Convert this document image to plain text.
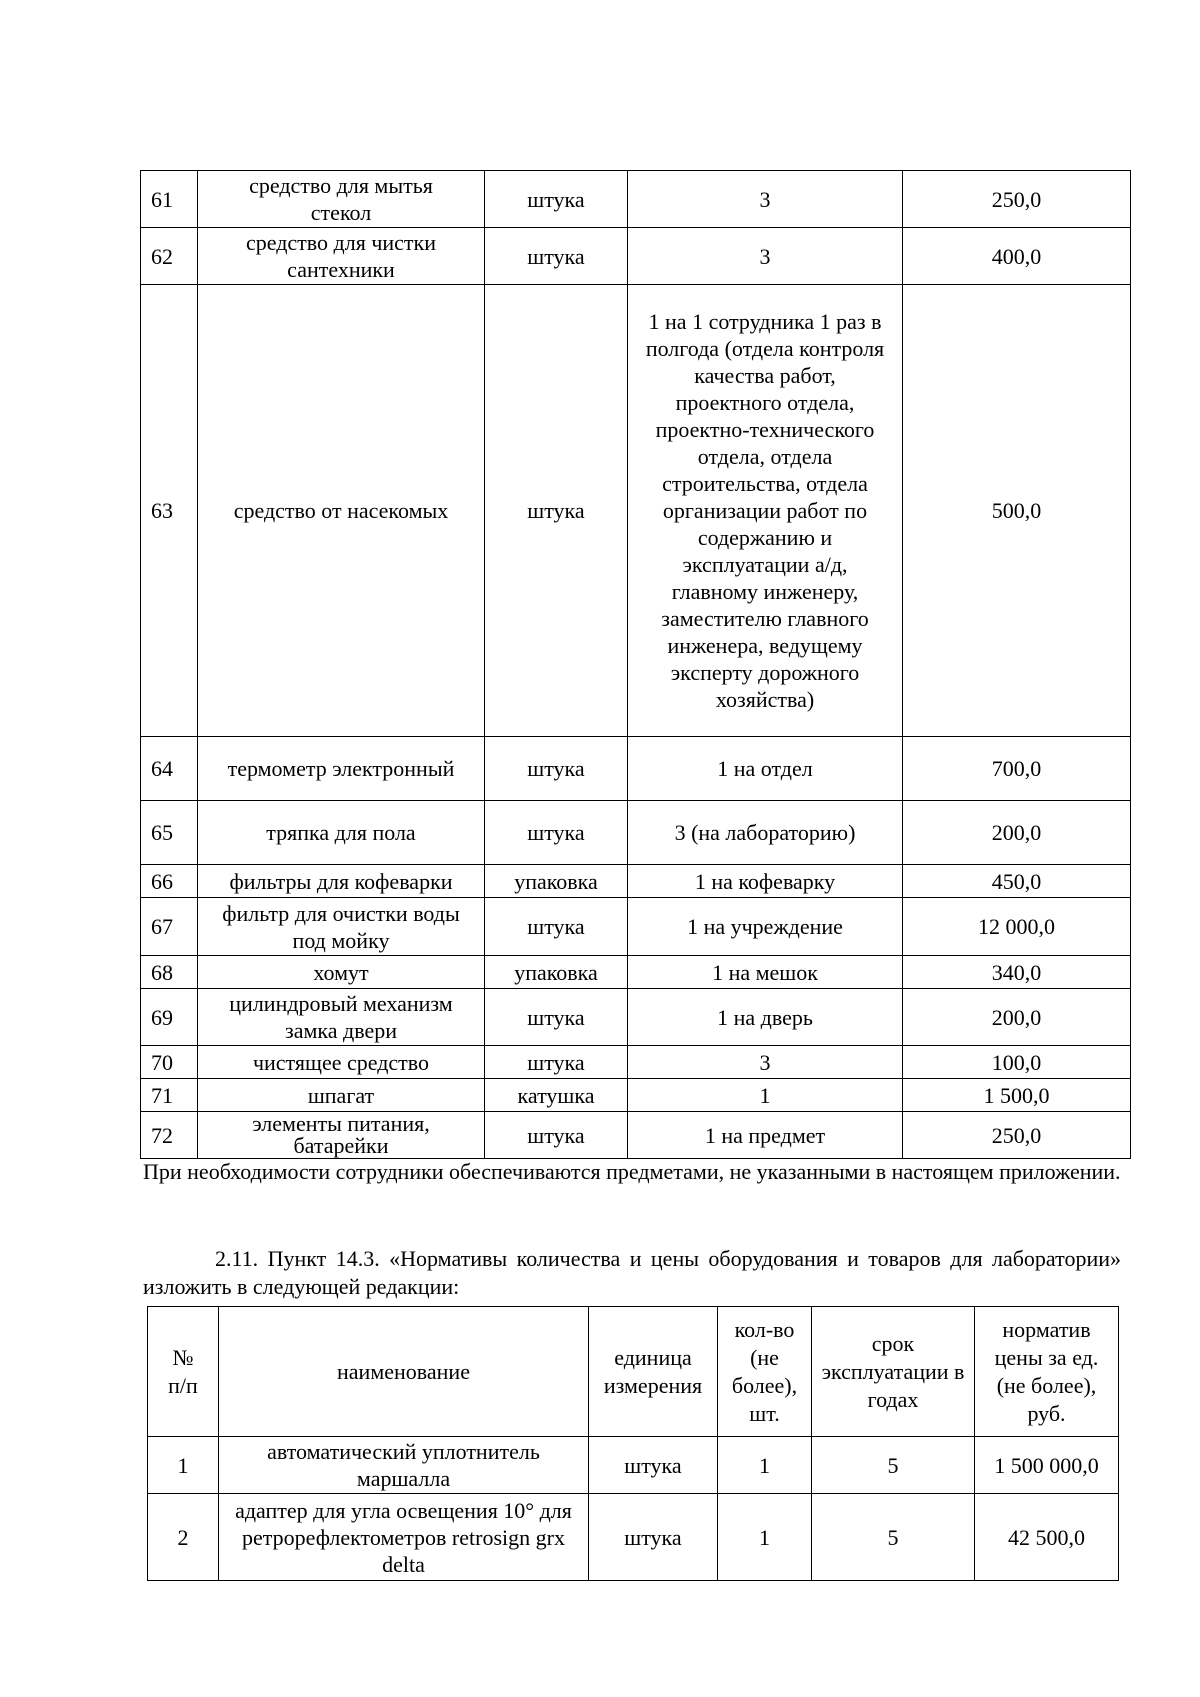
61	средство для мытья стекол	штука	3	250,0
62	средство для чистки сантехники	штука	3	400,0
63	средство от насекомых	штука	1 на 1 сотрудника 1 раз в полгода (отдела контроля качества работ, проектного отдела, проектно-технического отдела, отдела строительства, отдела организации работ по содержанию и эксплуатации а/д, главному инженеру, заместителю главного инженера, ведущему эксперту дорожного хозяйства)	500,0
64	термометр электронный	штука	1 на отдел	700,0
65	тряпка для пола	штука	3 (на лабораторию)	200,0
66	фильтры для кофеварки	упаковка	1 на кофеварку	450,0
67	фильтр для очистки воды под мойку	штука	1 на учреждение	12 000,0
68	хомут	упаковка	1 на мешок	340,0
69	цилиндровый механизм замка двери	штука	1 на дверь	200,0
70	чистящее средство	штука	3	100,0
71	шпагат	катушка	1	1 500,0
72	элементы питания, батарейки	штука	1 на предмет	250,0
При необходимости сотрудники обеспечиваются предметами, не указанными в настоящем приложении.
2.11. Пункт 14.3. «Нормативы количества и цены оборудования и товаров для лаборатории» изложить в следующей редакции:
№ п/п	наименование	единица измерения	кол-во (не более), шт.	срок эксплуатации в годах	норматив цены за ед. (не более), руб.
1	автоматический уплотнитель маршалла	штука	1	5	1 500 000,0
2	адаптер для угла освещения 10° для ретрорефлектометров retrosign grx delta	штука	1	5	42 500,0
